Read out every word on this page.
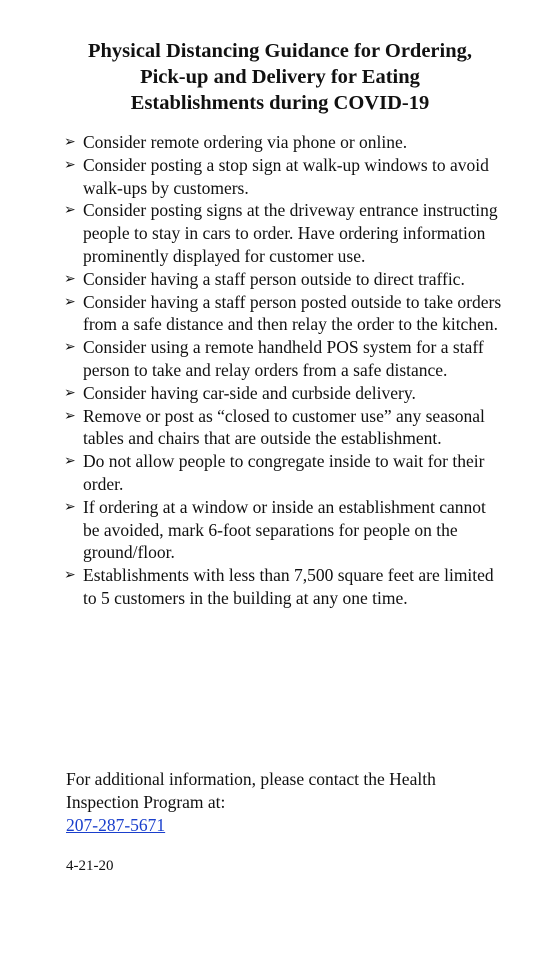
Physical Distancing Guidance for Ordering,
Pick-up and Delivery for Eating
Establishments during COVID-19
➢ Consider remote ordering via phone or online.
➢ Consider posting a stop sign at walk-up windows to avoid walk-ups by customers.
➢ Consider posting signs at the driveway entrance instructing people to stay in cars to order. Have ordering information prominently displayed for customer use.
➢ Consider having a staff person outside to direct traffic.
➢ Consider having a staff person posted outside to take orders from a safe distance and then relay the order to the kitchen.
➢ Consider using a remote handheld POS system for a staff person to take and relay orders from a safe distance.
➢ Consider having car-side and curbside delivery.
➢ Remove or post as “closed to customer use” any seasonal tables and chairs that are outside the establishment.
➢ Do not allow people to congregate inside to wait for their order.
➢ If ordering at a window or inside an establishment cannot be avoided, mark 6-foot separations for people on the ground/floor.
➢ Establishments with less than 7,500 square feet are limited to 5 customers in the building at any one time.
For additional information, please contact the Health
Inspection Program at:
207-287-5671
4-21-20
